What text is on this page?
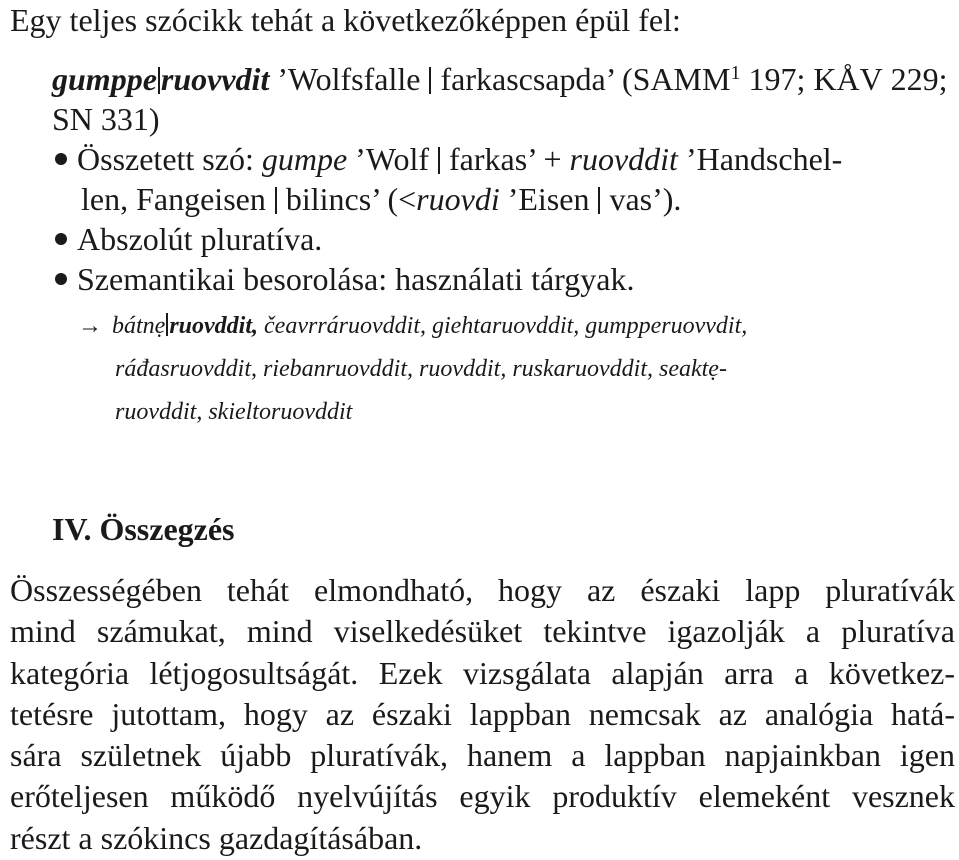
Egy teljes szócikk tehát a következőképpen épül fel:
gumppe ruovvdit ’Wolfsfalle farkascsapda’ (SAMM$^1$ 197; KÅV 229;
SN 331)
Összetett szó: gumpe ’Wolf farkas’ + ruovddit ’Handschel-
len, Fangeisen bilincs’ (<ruovdi ’Eisen vas’).
Abszolút pluratíva.
Szemantikai besorolása: használati tárgyak.
→ bátnẹ ruovddit, čeavrráruovddit, giehtaruovddit, gumpperuovvdit,
ráđasruovddit, riebanruovddit, ruovddit, ruskaruovddit, seaktẹ-
ruovddit, skieltoruovddit
IV. Összegzés
Összességében tehát elmondható, hogy az északi lapp pluratívák
mind számukat, mind viselkedésüket tekintve igazolják a pluratíva
kategória létjogosultságát. Ezek vizsgálata alapján arra a következ-
tetésre jutottam, hogy az északi lappban nemcsak az analógia hatá-
sára születnek újabb pluratívák, hanem a lappban napjainkban igen
erőteljesen működő nyelvújítás egyik produktív elemeként vesznek
részt a szókincs gazdagításában.
